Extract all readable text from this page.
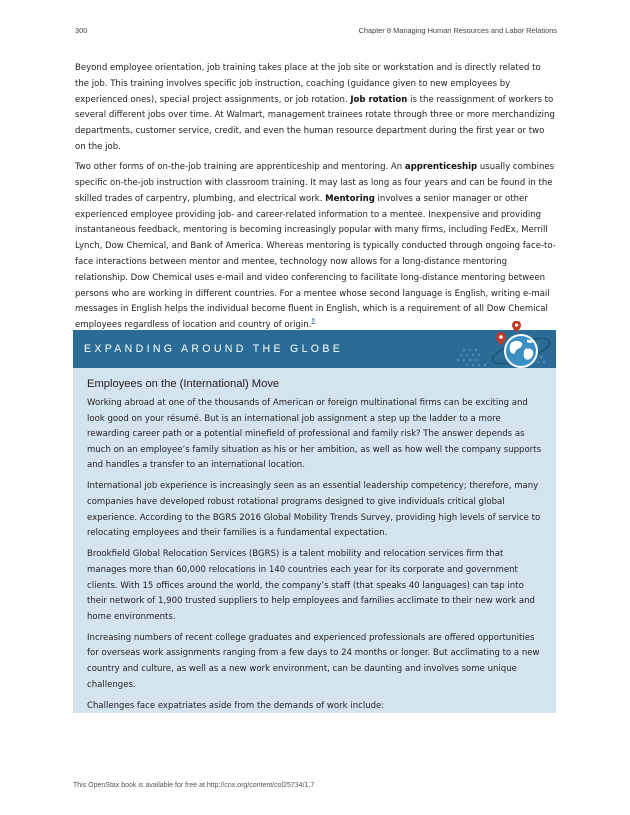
300	Chapter 8 Managing Human Resources and Labor Relations

Beyond employee orientation, job training takes place at the job site or workstation and is directly related to the job. This training involves specific job instruction, coaching (guidance given to new employees by experienced ones), special project assignments, or job rotation. Job rotation is the reassignment of workers to several different jobs over time. At Walmart, management trainees rotate through three or more merchandizing departments, customer service, credit, and even the human resource department during the first year or two on the job.

Two other forms of on-the-job training are apprenticeship and mentoring. An apprenticeship usually combines specific on-the-job instruction with classroom training. It may last as long as four years and can be found in the skilled trades of carpentry, plumbing, and electrical work. Mentoring involves a senior manager or other experienced employee providing job- and career-related information to a mentee. Inexpensive and providing instantaneous feedback, mentoring is becoming increasingly popular with many firms, including FedEx, Merrill Lynch, Dow Chemical, and Bank of America. Whereas mentoring is typically conducted through ongoing face-to-face interactions between mentor and mentee, technology now allows for a long-distance mentoring relationship. Dow Chemical uses e-mail and video conferencing to facilitate long-distance mentoring between persons who are working in different countries. For a mentee whose second language is English, writing e-mail messages in English helps the individual become fluent in English, which is a requirement of all Dow Chemical employees regardless of location and country of origin.$^8$

EXPANDING AROUND THE GLOBE
Employees on the (International) Move

Working abroad at one of the thousands of American or foreign multinational firms can be exciting and look good on your résumé. But is an international job assignment a step up the ladder to a more rewarding career path or a potential minefield of professional and family risk? The answer depends as much on an employee’s family situation as his or her ambition, as well as how well the company supports and handles a transfer to an international location.

International job experience is increasingly seen as an essential leadership competency; therefore, many companies have developed robust rotational programs designed to give individuals critical global experience. According to the BGRS 2016 Global Mobility Trends Survey, providing high levels of service to relocating employees and their families is a fundamental expectation.

Brookfield Global Relocation Services (BGRS) is a talent mobility and relocation services firm that manages more than 60,000 relocations in 140 countries each year for its corporate and government clients. With 15 offices around the world, the company’s staff (that speaks 40 languages) can tap into their network of 1,900 trusted suppliers to help employees and families acclimate to their new work and home environments.

Increasing numbers of recent college graduates and experienced professionals are offered opportunities for overseas work assignments ranging from a few days to 24 months or longer. But acclimating to a new country and culture, as well as a new work environment, can be daunting and involves some unique challenges.

Challenges face expatriates aside from the demands of work include:

This OpenStax book is available for free at http://cnx.org/content/col25734/1.7
